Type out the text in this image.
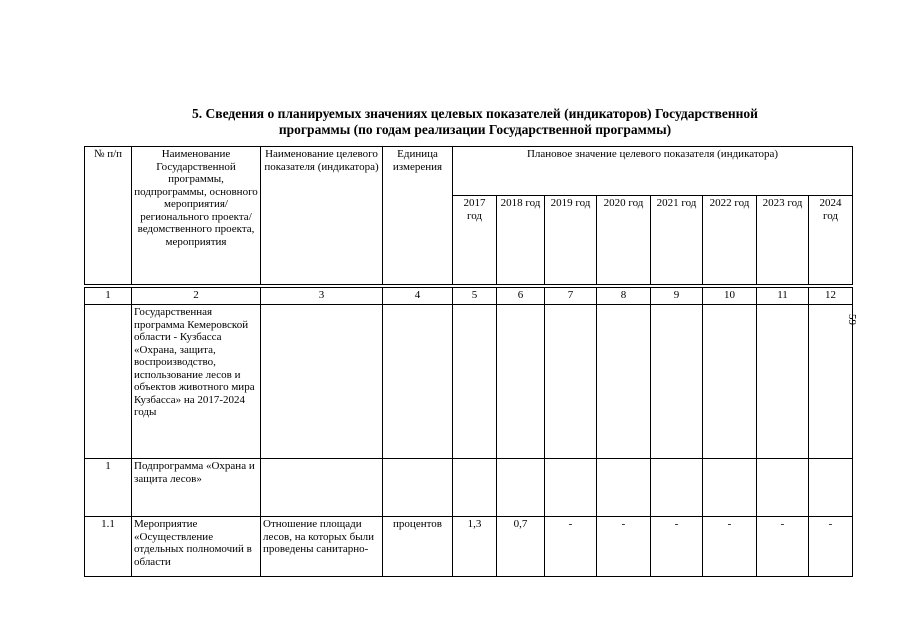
5. Сведения о планируемых значениях целевых показателей (индикаторов) Государственной
программы (по годам реализации Государственной программы)
59
№ п/п	Наименование Государственной программы, подпрограммы, основного мероприятия/ регионального проекта/ ведомственного проекта, мероприятия	Наименование целевого показателя (индикатора)	Единица измерения	Плановое значение целевого показателя (индикатора)							
				2017 год	2018 год	2019 год	2020 год	2021 год	2022 год	2023 год	2024 год

1	2	3	4	5	6	7	8	9	10	11	12
	Государственная программа Кемеровской области - Кузбасса «Охрана, защита, воспроизводство, использование лесов и объектов животного мира Кузбасса» на 2017-2024 годы										
1	Подпрограмма «Охрана и защита лесов»										
1.1	Мероприятие «Осуществление отдельных полномочий в области	Отношение площади лесов, на которых были проведены санитарно-	процентов	1,3	0,7	-	-	-	-	-	-
